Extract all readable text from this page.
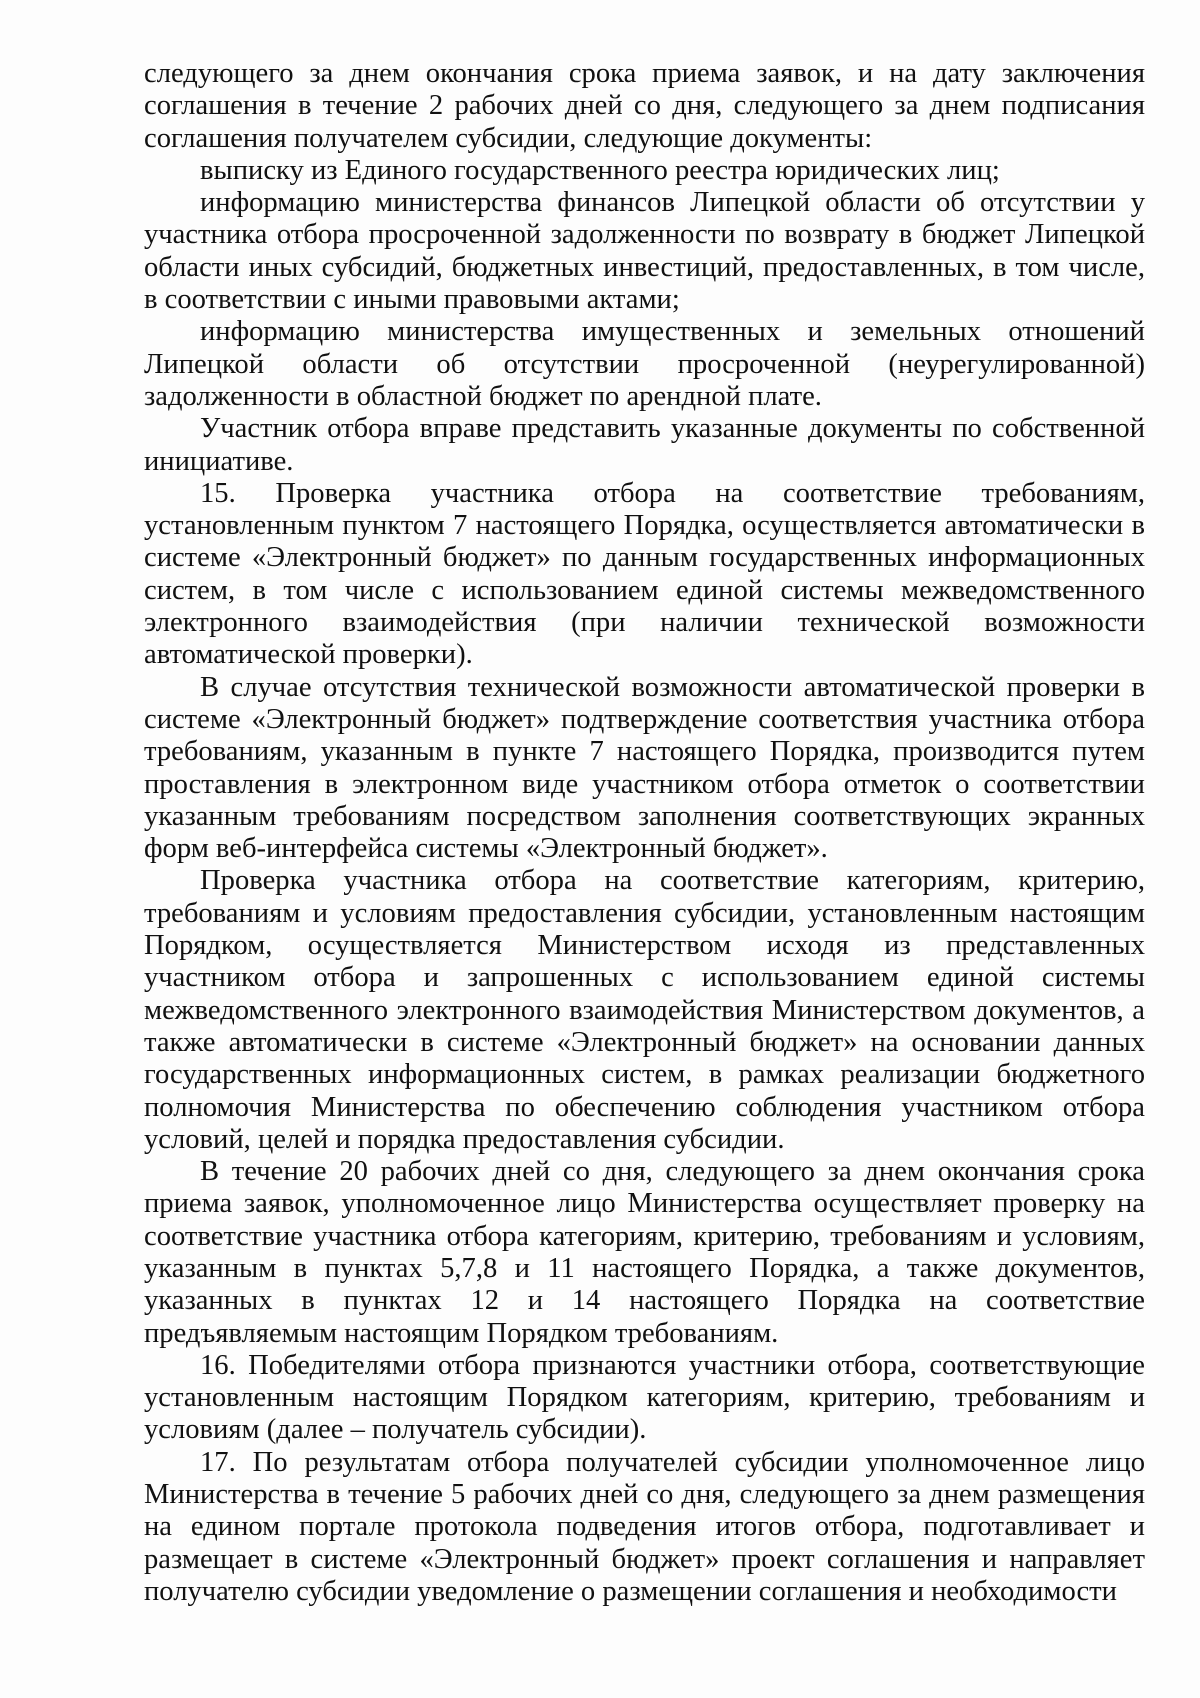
следующего за днем окончания срока приема заявок, и на дату заключения соглашения в течение 2 рабочих дней со дня, следующего за днем подписания соглашения получателем субсидии, следующие документы:

выписку из Единого государственного реестра юридических лиц;

информацию министерства финансов Липецкой области об отсутствии у участника отбора просроченной задолженности по возврату в бюджет Липецкой области иных субсидий, бюджетных инвестиций, предоставленных, в том числе, в соответствии с иными правовыми актами;

информацию министерства имущественных и земельных отношений Липецкой области об отсутствии просроченной (неурегулированной) задолженности в областной бюджет по арендной плате.

Участник отбора вправе представить указанные документы по собственной инициативе.

15. Проверка участника отбора на соответствие требованиям, установленным пунктом 7 настоящего Порядка, осуществляется автоматически в системе «Электронный бюджет» по данным государственных информационных систем, в том числе с использованием единой системы межведомственного электронного взаимодействия (при наличии технической возможности автоматической проверки).

В случае отсутствия технической возможности автоматической проверки в системе «Электронный бюджет» подтверждение соответствия участника отбора требованиям, указанным в пункте 7 настоящего Порядка, производится путем проставления в электронном виде участником отбора отметок о соответствии указанным требованиям посредством заполнения соответствующих экранных форм веб-интерфейса системы «Электронный бюджет».

Проверка участника отбора на соответствие категориям, критерию, требованиям и условиям предоставления субсидии, установленным настоящим Порядком, осуществляется Министерством исходя из представленных участником отбора и запрошенных с использованием единой системы межведомственного электронного взаимодействия Министерством документов, а также автоматически в системе «Электронный бюджет» на основании данных государственных информационных систем, в рамках реализации бюджетного полномочия Министерства по обеспечению соблюдения участником отбора условий, целей и порядка предоставления субсидии.

В течение 20 рабочих дней со дня, следующего за днем окончания срока приема заявок, уполномоченное лицо Министерства осуществляет проверку на соответствие участника отбора категориям, критерию, требованиям и условиям, указанным в пунктах 5,7,8 и 11 настоящего Порядка, а также документов, указанных в пунктах 12 и 14 настоящего Порядка на соответствие предъявляемым настоящим Порядком требованиям.

16. Победителями отбора признаются участники отбора, соответствующие установленным настоящим Порядком категориям, критерию, требованиям и условиям (далее – получатель субсидии).

17. По результатам отбора получателей субсидии уполномоченное лицо Министерства в течение 5 рабочих дней со дня, следующего за днем размещения на едином портале протокола подведения итогов отбора, подготавливает и размещает в системе «Электронный бюджет» проект соглашения и направляет получателю субсидии уведомление о размещении соглашения и необходимости
